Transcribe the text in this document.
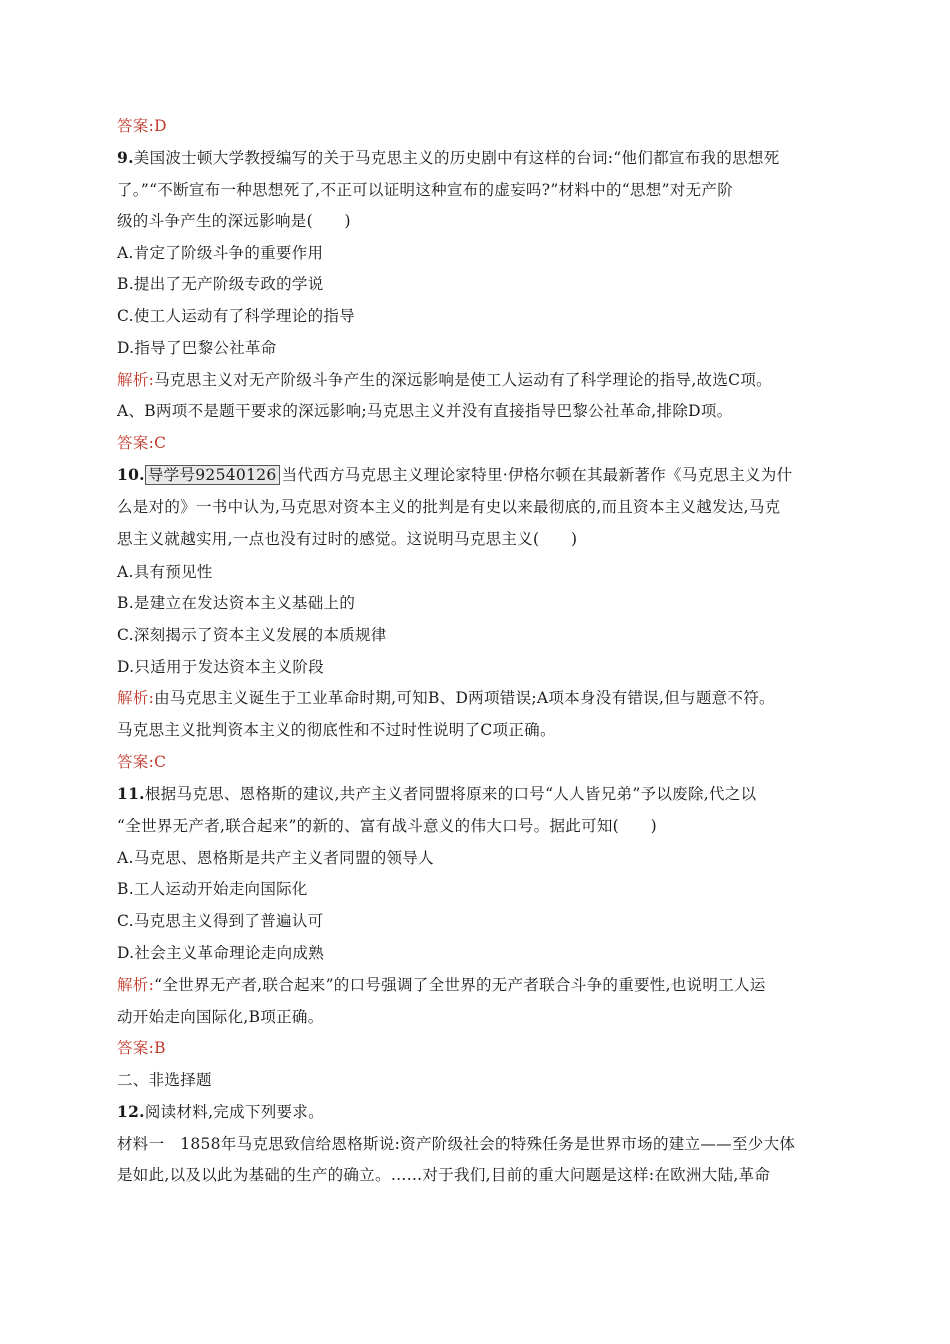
答案:D
9.美国波士顿大学教授编写的关于马克思主义的历史剧中有这样的台词:“他们都宣布我的思想死
了。”“不断宣布一种思想死了,不正可以证明这种宣布的虚妄吗?”材料中的“思想”对无产阶
级的斗争产生的深远影响是(　　)
A.肯定了阶级斗争的重要作用
B.提出了无产阶级专政的学说
C.使工人运动有了科学理论的指导
D.指导了巴黎公社革命
解析:马克思主义对无产阶级斗争产生的深远影响是使工人运动有了科学理论的指导,故选C项。
A、B两项不是题干要求的深远影响;马克思主义并没有直接指导巴黎公社革命,排除D项。
答案:C
10. 导学号92540126 当代西方马克思主义理论家特里·伊格尔顿在其最新著作《马克思主义为什
么是对的》一书中认为,马克思对资本主义的批判是有史以来最彻底的,而且资本主义越发达,马克
思主义就越实用,一点也没有过时的感觉。这说明马克思主义(　　)
A.具有预见性
B.是建立在发达资本主义基础上的
C.深刻揭示了资本主义发展的本质规律
D.只适用于发达资本主义阶段
解析:由马克思主义诞生于工业革命时期,可知B、D两项错误;A项本身没有错误,但与题意不符。
马克思主义批判资本主义的彻底性和不过时性说明了C项正确。
答案:C
11.根据马克思、恩格斯的建议,共产主义者同盟将原来的口号“人人皆兄弟”予以废除,代之以
“全世界无产者,联合起来”的新的、富有战斗意义的伟大口号。据此可知(　　)
A.马克思、恩格斯是共产主义者同盟的领导人
B.工人运动开始走向国际化
C.马克思主义得到了普遍认可
D.社会主义革命理论走向成熟
解析:“全世界无产者,联合起来”的口号强调了全世界的无产者联合斗争的重要性,也说明工人运
动开始走向国际化,B项正确。
答案:B
二、非选择题
12.阅读材料,完成下列要求。
材料一　1858年马克思致信给恩格斯说:资产阶级社会的特殊任务是世界市场的建立——至少大体
是如此,以及以此为基础的生产的确立。……对于我们,目前的重大问题是这样:在欧洲大陆,革命
